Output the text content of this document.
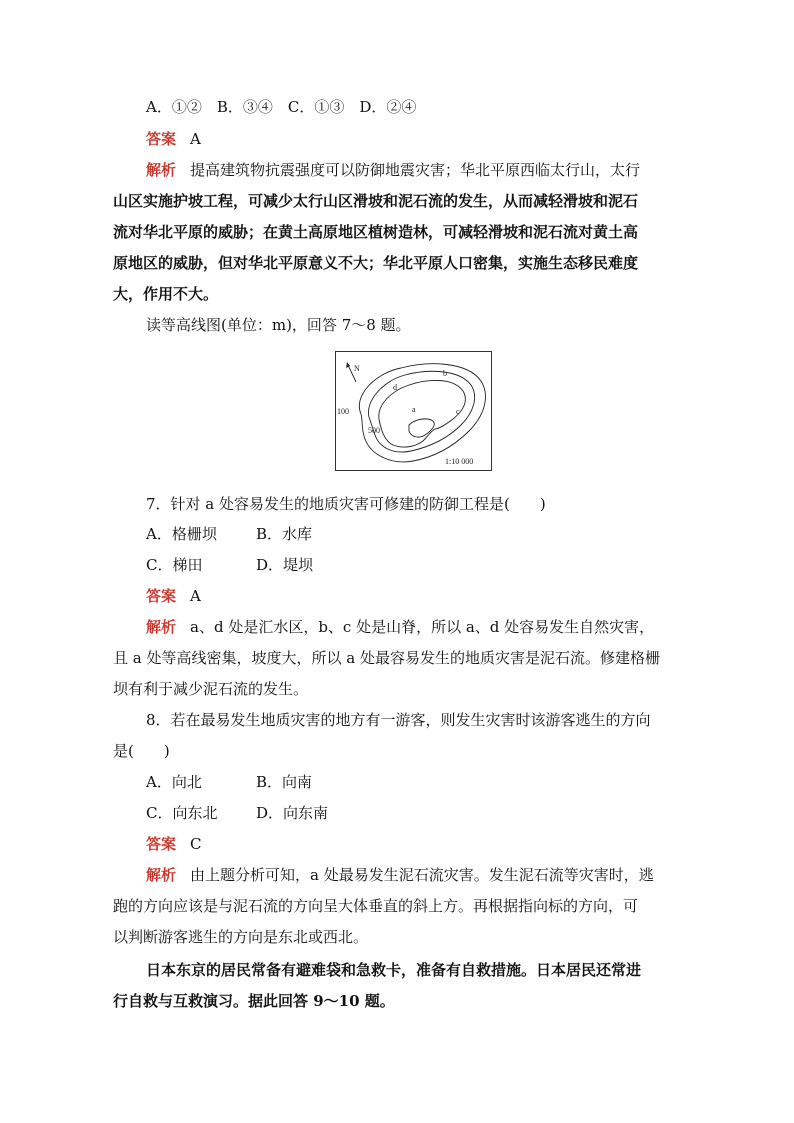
A．①②　B．③④　C．①③　D．②④
答案 A
解析 提高建筑物抗震强度可以防御地震灾害；华北平原西临太行山，太行
山区实施护坡工程，可减少太行山区滑坡和泥石流的发生，从而减轻滑坡和泥石
流对华北平原的威胁；在黄土高原地区植树造林，可减轻滑坡和泥石流对黄土高
原地区的威胁，但对华北平原意义不大；华北平原人口密集，实施生态移民难度
大，作用不大。
读等高线图(单位：m)，回答 7～8 题。
N
100
500
a
b
c
d
1:10 000
7．针对 a 处容易发生的地质灾害可修建的防御工程是(　　)
A．格栅坝	B．水库
C．梯田	D．堤坝
答案 A
解析 a、d 处是汇水区，b、c 处是山脊，所以 a、d 处容易发生自然灾害，
且 a 处等高线密集，坡度大，所以 a 处最容易发生的地质灾害是泥石流。修建格栅
坝有利于减少泥石流的发生。
8．若在最易发生地质灾害的地方有一游客，则发生灾害时该游客逃生的方向
是(　　)
A．向北	B．向南
C．向东北	D．向东南
答案 C
解析 由上题分析可知，a 处最易发生泥石流灾害。发生泥石流等灾害时，逃
跑的方向应该是与泥石流的方向呈大体垂直的斜上方。再根据指向标的方向，可
以判断游客逃生的方向是东北或西北。
日本东京的居民常备有避难袋和急救卡，准备有自救措施。日本居民还常进
行自救与互救演习。据此回答 9～10 题。
